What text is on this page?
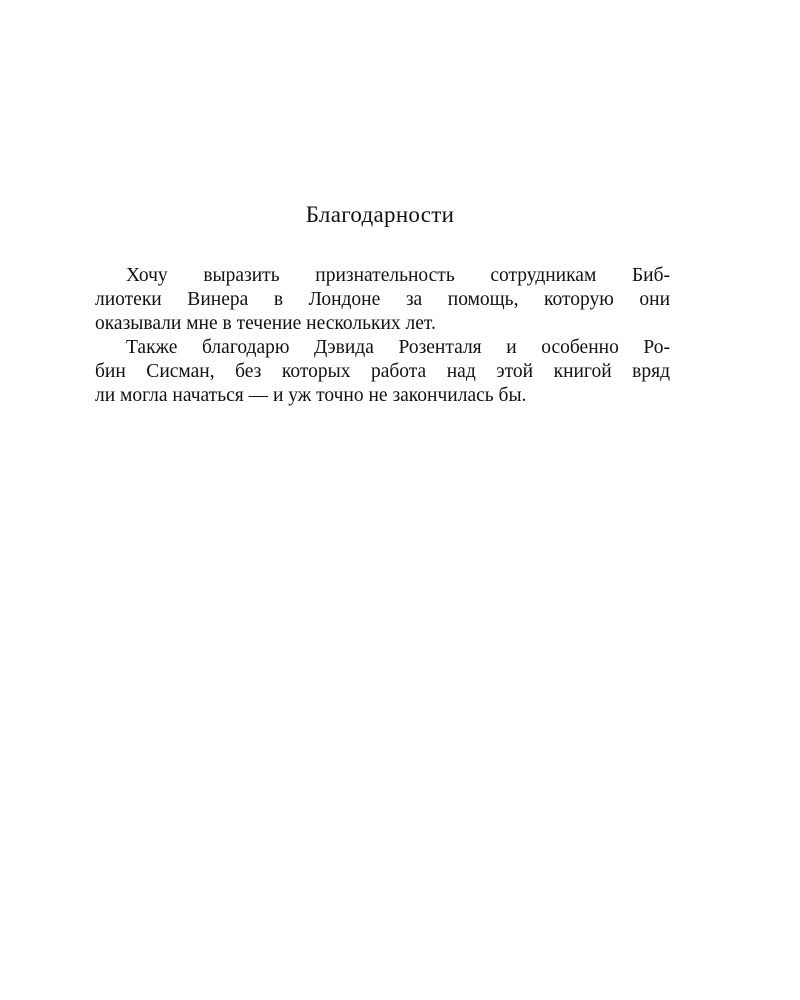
Благодарности
Хочу выразить признательность сотрудникам Биб-
лиотеки Винера в Лондоне за помощь, которую они
оказывали мне в течение нескольких лет.
Также благодарю Дэвида Розенталя и особенно Ро-
бин Сисман, без которых работа над этой книгой вряд
ли могла начаться — и уж точно не закончилась бы.
